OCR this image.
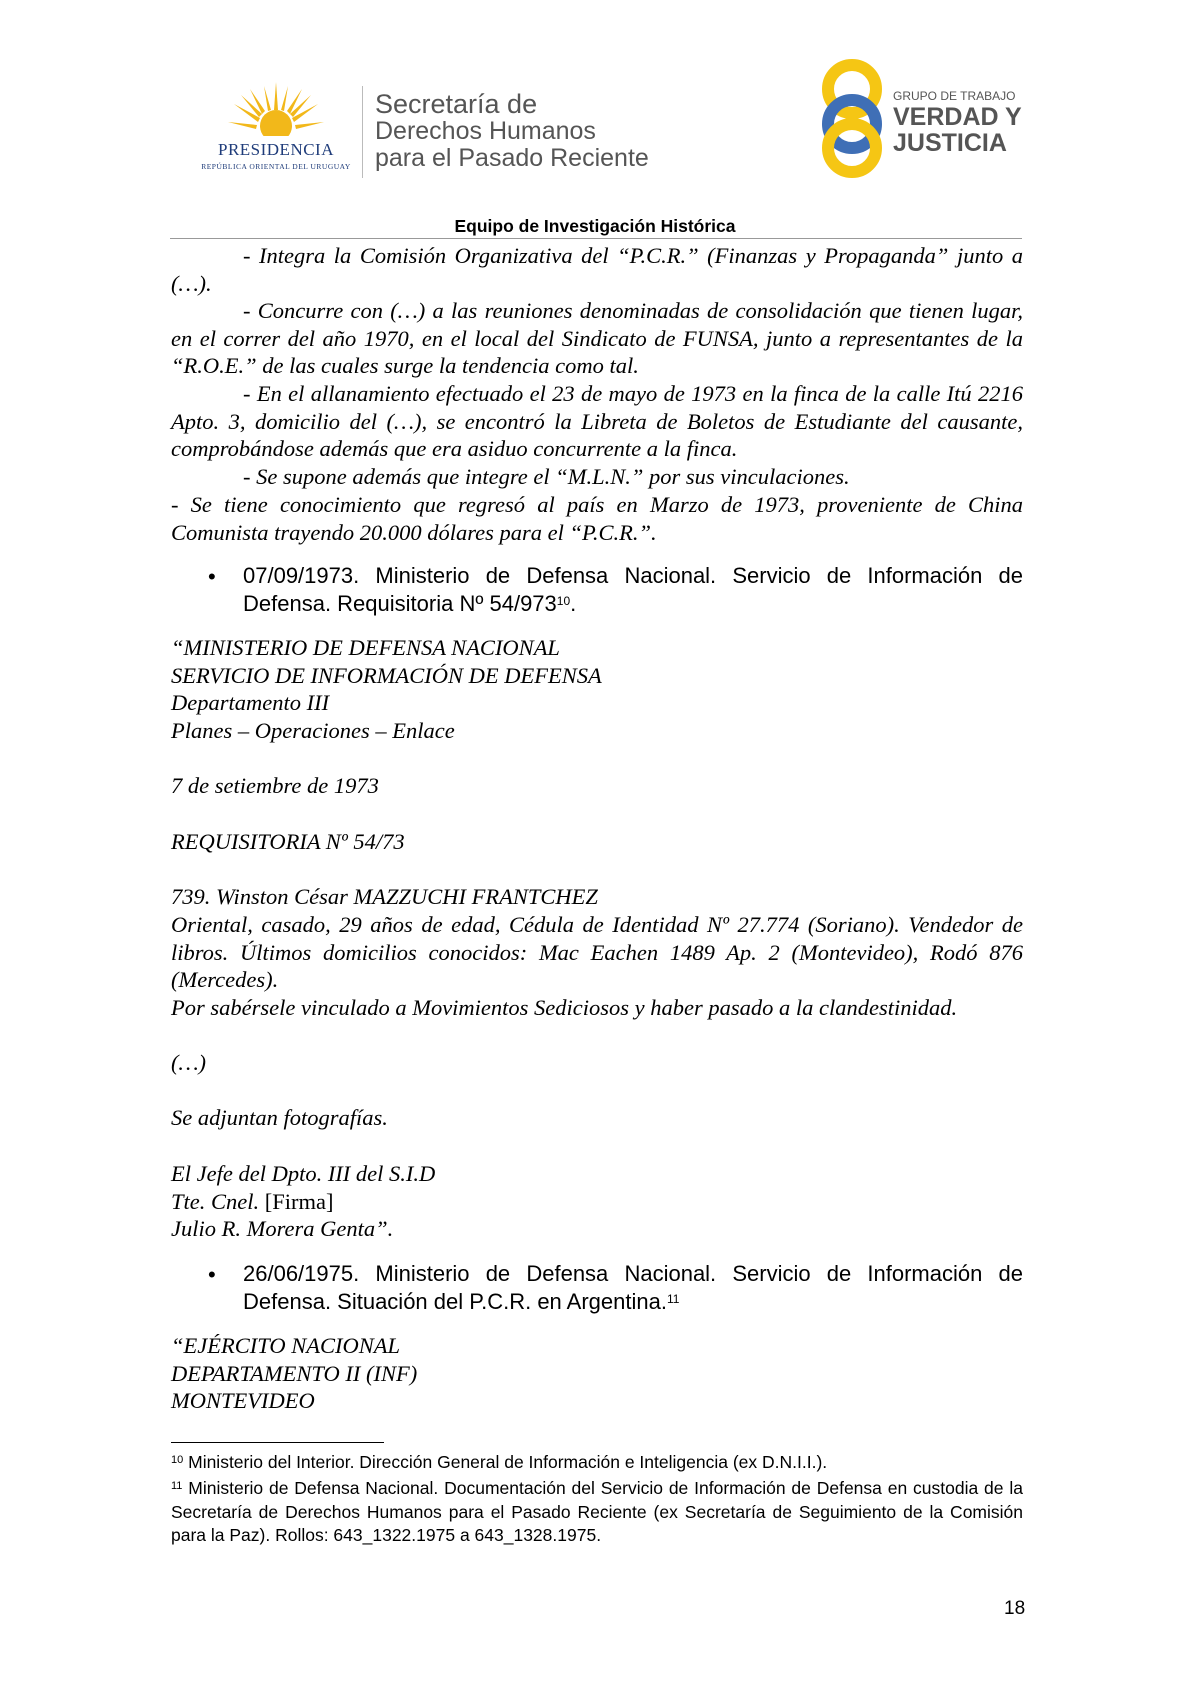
PRESIDENCIA
REPÚBLICA ORIENTAL DEL URUGUAY
Secretaría de
Derechos Humanos
para el Pasado Reciente
GRUPO DE TRABAJO
VERDAD Y
JUSTICIA
Equipo de Investigación Histórica
- Integra la Comisión Organizativa del “P.C.R.” (Finanzas y Propaganda” junto a (…).
- Concurre con (…) a las reuniones denominadas de consolidación que tienen lugar, en el correr del año 1970, en el local del Sindicato de FUNSA, junto a representantes de la “R.O.E.” de las cuales surge la tendencia como tal.
- En el allanamiento efectuado el 23 de mayo de 1973 en la finca de la calle Itú 2216 Apto. 3, domicilio del (…), se encontró la Libreta de Boletos de Estudiante del causante, comprobándose además que era asiduo concurrente a la finca.
- Se supone además que integre el “M.L.N.” por sus vinculaciones.
- Se tiene conocimiento que regresó al país en Marzo de 1973, proveniente de China Comunista trayendo 20.000 dólares para el “P.C.R.”.
• 07/09/1973. Ministerio de Defensa Nacional. Servicio de Información de Defensa. Requisitoria Nº $54/973^{10}$.
“MINISTERIO DE DEFENSA NACIONAL
SERVICIO DE INFORMACIÓN DE DEFENSA
Departamento III
Planes – Operaciones – Enlace
7 de setiembre de 1973
REQUISITORIA Nº 54/73
739. Winston César MAZZUCHI FRANTCHEZ
Oriental, casado, 29 años de edad, Cédula de Identidad Nº 27.774 (Soriano). Vendedor de libros. Últimos domicilios conocidos: Mac Eachen 1489 Ap. 2 (Montevideo), Rodó 876 (Mercedes).
Por sabérsele vinculado a Movimientos Sediciosos y haber pasado a la clandestinidad.
(…)
Se adjuntan fotografías.
El Jefe del Dpto. III del S.I.D
Tte. Cnel. [Firma]
Julio R. Morera Genta”.
• 26/06/1975. Ministerio de Defensa Nacional. Servicio de Información de Defensa. Situación del P.C.R. en Argentina.$^{11}$
“EJÉRCITO NACIONAL
DEPARTAMENTO II (INF)
MONTEVIDEO
$^{10}$ Ministerio del Interior. Dirección General de Información e Inteligencia (ex D.N.I.I.).
$^{11}$ Ministerio de Defensa Nacional. Documentación del Servicio de Información de Defensa en custodia de la Secretaría de Derechos Humanos para el Pasado Reciente (ex Secretaría de Seguimiento de la Comisión para la Paz). Rollos: 643_1322.1975 a 643_1328.1975.
18
